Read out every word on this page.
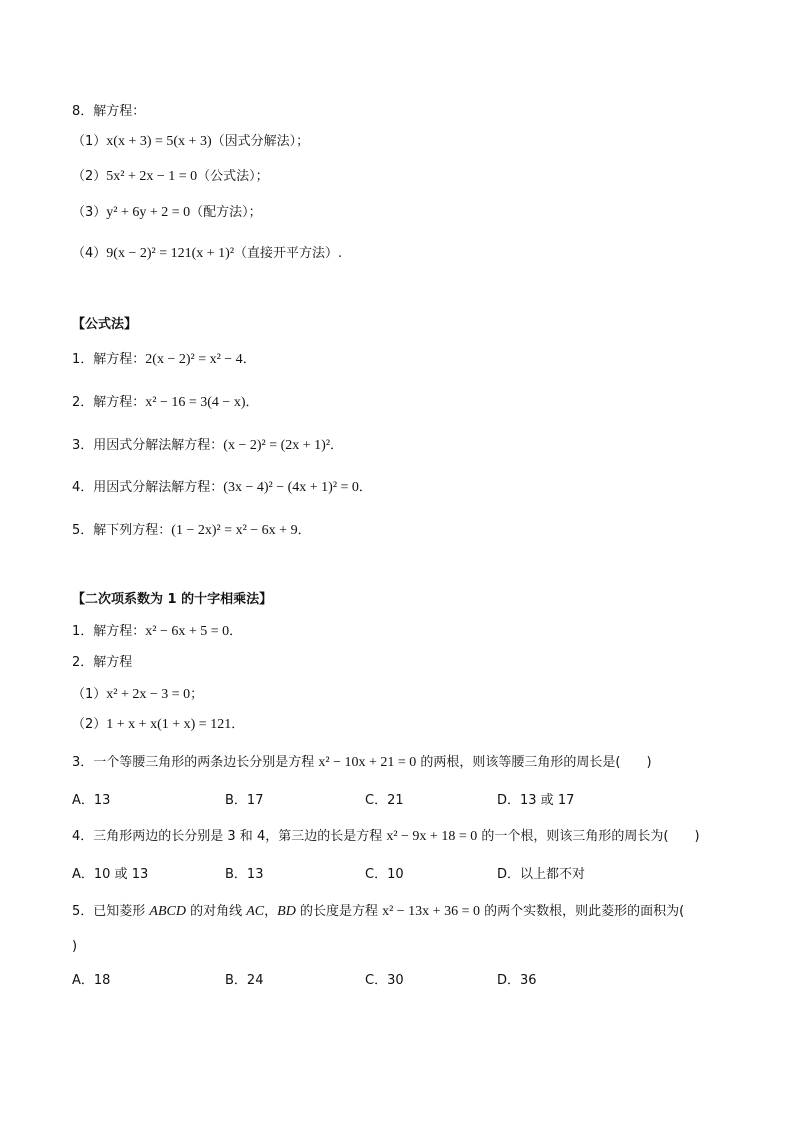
8．解方程：
（1）x(x + 3) = 5(x + 3)（因式分解法）；
（2）5x² + 2x − 1 = 0（公式法）；
（3）y² + 6y + 2 = 0（配方法）；
（4）9(x − 2)² = 121(x + 1)²（直接开平方法）.
【公式法】
1．解方程：2(x − 2)² = x² − 4．
2．解方程：x² − 16 = 3(4 − x)．
3．用因式分解法解方程：(x − 2)² = (2x + 1)²．
4．用因式分解法解方程：(3x − 4)² − (4x + 1)² = 0．
5．解下列方程：(1 − 2x)² = x² − 6x + 9．
【二次项系数为 1 的十字相乘法】
1．解方程：x² − 6x + 5 = 0．
2．解方程
（1）x² + 2x − 3 = 0；
（2）1 + x + x(1 + x) = 121．
3．一个等腰三角形的两条边长分别是方程 x² − 10x + 21 = 0 的两根，则该等腰三角形的周长是(　　)
A．13	B．17	C．21	D．13 或 17
4．三角形两边的长分别是 3 和 4，第三边的长是方程 x² − 9x + 18 = 0 的一个根，则该三角形的周长为(　　)
A．10 或 13	B．13	C．10	D．以上都不对
5．已知菱形 ABCD 的对角线 AC，BD 的长度是方程 x² − 13x + 36 = 0 的两个实数根，则此菱形的面积为(
)
A．18	B．24	C．30	D．36
